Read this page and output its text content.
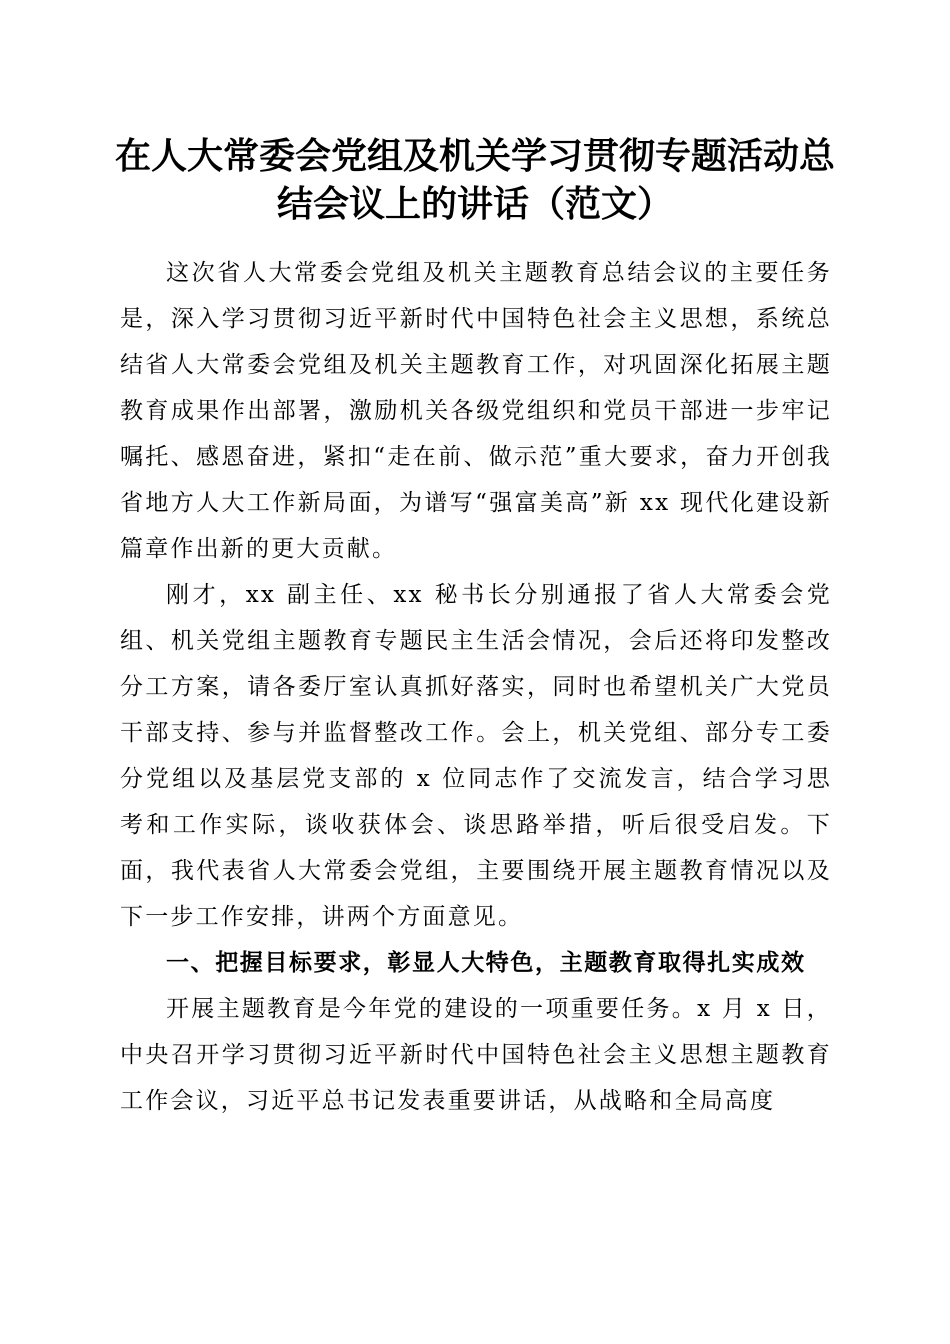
在人大常委会党组及机关学习贯彻专题活动总
结会议上的讲话（范文）

这次省人大常委会党组及机关主题教育总结会议的主要任务是，深入学习贯彻习近平新时代中国特色社会主义思想，系统总结省人大常委会党组及机关主题教育工作，对巩固深化拓展主题教育成果作出部署，激励机关各级党组织和党员干部进一步牢记嘱托、感恩奋进，紧扣“走在前、做示范”重大要求，奋力开创我省地方人大工作新局面，为谱写“强富美高”新 xx 现代化建设新篇章作出新的更大贡献。

刚才，xx 副主任、xx 秘书长分别通报了省人大常委会党组、机关党组主题教育专题民主生活会情况，会后还将印发整改分工方案，请各委厅室认真抓好落实，同时也希望机关广大党员干部支持、参与并监督整改工作。会上，机关党组、部分专工委分党组以及基层党支部的 x 位同志作了交流发言，结合学习思考和工作实际，谈收获体会、谈思路举措，听后很受启发。下面，我代表省人大常委会党组，主要围绕开展主题教育情况以及下一步工作安排，讲两个方面意见。

一、把握目标要求，彰显人大特色，主题教育取得扎实成效

开展主题教育是今年党的建设的一项重要任务。x 月 x 日，中央召开学习贯彻习近平新时代中国特色社会主义思想主题教育工作会议，习近平总书记发表重要讲话，从战略和全局高度
